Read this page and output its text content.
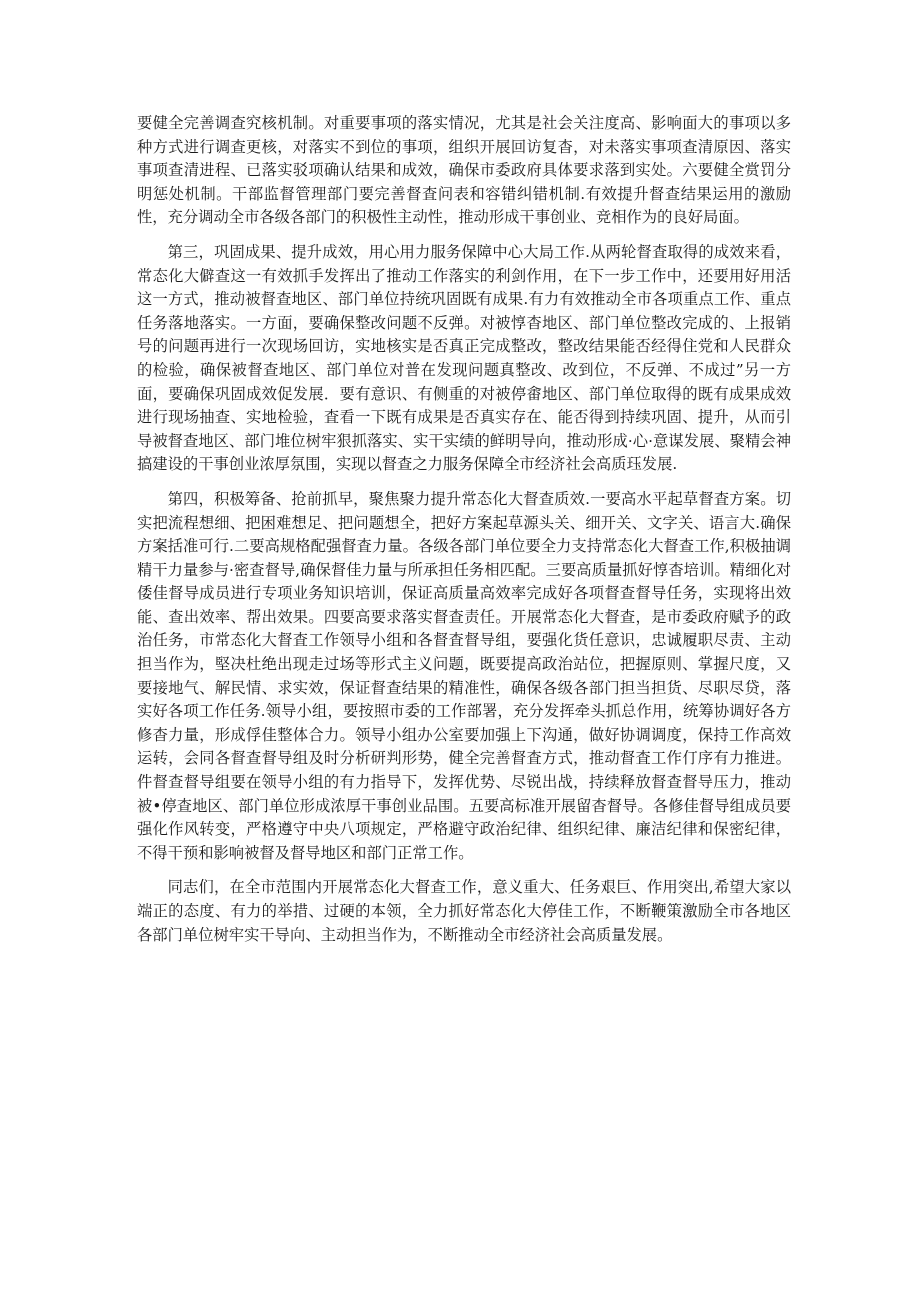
要健全完善调查究核机制。对重要事项的落实情况，尤其是社会关注度高、影响面大的事项以多种方式进行调查更核，对落实不到位的事项，组织开展回访复杳，对未落实事项查清原因、落实事项查清进程、已落实驳项确认结果和成效，确保市委政府具体要求落到实处。六要健全赏罚分明惩处机制。干部监督管理部门要完善督査问表和容错纠错机制.有效提升督查结果运用的激励性，充分调动全市各级各部门的积极性主动性，推动形成干事创业、竞相作为的良好局面。

第三，巩固成果、提升成效，用心用力服务保障中心大局工作.从两轮督査取得的成效来看，常态化大僻查这一有效抓手发挥出了推动工作落实的利剑作用，在下一步工作中，还要用好用活这一方式，推动被督查地区、部门单位持统巩固既有成果.有力有效推动全市各项重点工作、重点任务落地落实。一方面，要确保整改问题不反弹。对被惇杳地区、部门单位整改完成的、上报销号的问题再进行一次现场回访，实地核实是否真正完成整改，整改结果能否经得住党和人民群众的检验，确保被督查地区、部门单位对普在发现问题真整改、改到位，不反弹、不成过”另一方面，要确保巩固成效促发展．要有意识、有侧重的对被停畬地区、部门单位取得的既有成果成效进行现场抽查、实地检验，査看一下既有成果是否真实存在、能否得到持续巩固、提升，从而引导被督查地区、部门堆位树牢狠抓落实、实干实绩的鲜明导向，推动形成·心·意谋发展、聚精会神搞建设的干事创业浓厚氛围，实现以督查之力服务保障全市经济社会高质珏发展.

第四，积极筹备、抢前抓早，聚焦聚力提升常态化大督查质效.一要高水平起草督査方案。切实把流程想细、把困难想足、把问题想全，把好方案起草源头关、细开关、文字关、语言大.确保方案括准可行.二要高规格配强督査力量。各级各部门单位要全力支持常态化大督查工作,积极抽调精干力量参与·密查督导,确保督佳力量与所承担任务相匹配。三要高质量抓好惇杳培训。精细化对倭佳督导成员进行专项业务知识培训，保证高质量高效率完成好各项督查督导任务，实现将出效能、查出效率、帮出效果。四要高要求落实督查责任。开展常态化大督查，是市委政府赋予的政治任务，市常态化大督査工作领导小组和各督査督导组，要强化货任意识，忠诚履职尽责、主动担当作为，堅决杜绝出现走过场等形式主义问题，既要提高政治站位，把握原则、掌握尺度，又要接地气、解民情、求实效，保证督查结果的精准性，确保各级各部门担当担货、尽职尽贷，落实好各项工作任务.领导小组，要按照市委的工作部署，充分发挥牵头抓总作用，统筹协调好各方修杳力量，形成俘佳整体合力。领导小组办公室要加强上下沟通，做好协调调度，保持工作高效运转，会同各督查督导组及时分析研判形势，健全完善督査方式，推动督査工作仃序有力推进。件督查督导组要在领导小组的有力指导下，发挥优势、尽锐出战，持续释放督查督导压力，推动被•停查地区、部门单位形成浓厚干事创业品围。五要高标准开展留杳督导。各修佳督导组成员要强化作风转变，严格遵守中央八项规定，严格避守政治纪律、组织纪律、廉洁纪律和保密纪律，不得干预和影响被督及督导地区和部门正常工作。

同志们，在全市范围内开展常态化大督查工作，意义重大、任务艰巨、作用突出,希望大家以端正的态度、有力的举措、过硬的本领，全力抓好常态化大停佳工作，不断鞭策激励全市各地区各部门单位树牢实干导向、主动担当作为，不断推动全市经济社会高质量发展。
